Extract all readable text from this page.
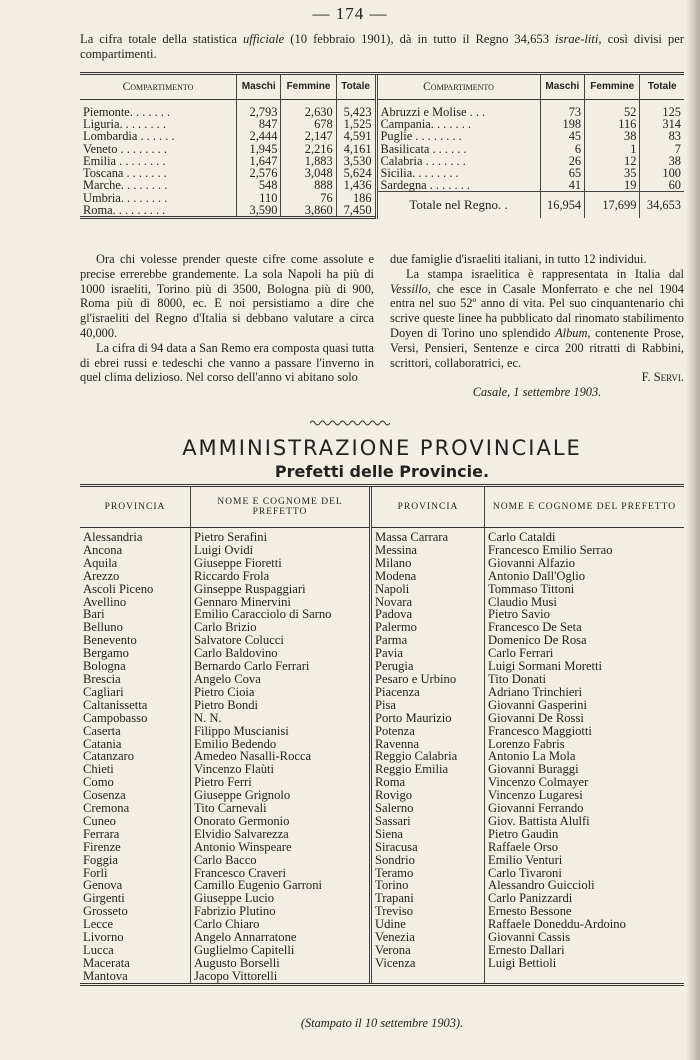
— 174 —
La cifra totale della statistica ufficiale (10 febbraio 1901), dà in tutto il Regno 34,653 israe-liti, così divisi per compartimenti.
Compartimento	Maschi	Femmine	Totale	Compartimento	Maschi	Femmine	Totale
Piemonte. . . . . . .	2,793	2,630	5,423	Abruzzi e Molise . . .	73	52	125
Liguria. . . . . . . .	847	678	1,525	Campania. . . . . . .	198	116	314
Lombardia . . . . . .	2,444	2,147	4,591	Puglie . . . . . . . .	45	38	83
Veneto . . . . . . . .	1,945	2,216	4,161	Basilicata . . . . . .	6	1	7
Emilia . . . . . . . .	1,647	1,883	3,530	Calabria . . . . . . .	26	12	38
Toscana . . . . . . .	2,576	3,048	5,624	Sicilia. . . . . . . .	65	35	100
Marche. . . . . . . .	548	888	1,436	Sardegna . . . . . . .	41	19	60
Umbria. . . . . . . .	110	76	186	Totale nel Regno. .	16,954	17,699	34,653
Roma. . . . . . . . .	3,590	3,860	7,450				

Ora chi volesse prender queste cifre come assolute e precise errerebbe grandemente. La sola Napoli ha più di 1000 israeliti, Torino più di 3500, Bologna più di 900, Roma più di 8000, ec. E noi persistiamo a dire che gl'israeliti del Regno d'Italia si debbano valutare a circa 40,000.

La cifra di 94 data a San Remo era composta quasi tutta di ebrei russi e tedeschi che vanno a passare l'inverno in quel clima delizioso. Nel corso dell'anno vi abitano solo

due famiglie d'israeliti italiani, in tutto 12 individui.

La stampa israelitica è rappresentata in Italia dal Vessillo, che esce in Casale Monferrato e che nel 1904 entra nel suo 52º anno di vita. Pel suo cinquantenario chi scrive queste linee ha pubblicato dal rinomato stabilimento Doyen di Torino uno splendido Album, contenente Prose, Versi, Pensieri, Sentenze e circa 200 ritratti di Rabbini, scrittori, collaboratrici, ec.

F. Servi.
Casale, 1 settembre 1903.
AMMINISTRAZIONE PROVINCIALE
Prefetti delle Provincie.
PROVINCIA	NOME E COGNOME DEL PREFETTO	PROVINCIA	NOME E COGNOME DEL PREFETTO
Alessandria	Pietro Serafini	Massa Carrara	Carlo Cataldi
Ancona	Luigi Ovidi	Messina	Francesco Emilio Serrao
Aquila	Giuseppe Fioretti	Milano	Giovanni Alfazio
Arezzo	Riccardo Frola	Modena	Antonio Dall'Oglio
Ascoli Piceno	Ginseppe Ruspaggiari	Napoli	Tommaso Tittoni
Avellino	Gennaro Minervini	Novara	Claudio Musi
Bari	Emilio Caracciolo di Sarno	Padova	Pietro Savio
Belluno	Carlo Brizio	Palermo	Francesco De Seta
Benevento	Salvatore Colucci	Parma	Domenico De Rosa
Bergamo	Carlo Baldovino	Pavia	Carlo Ferrari
Bologna	Bernardo Carlo Ferrari	Perugia	Luigi Sormani Moretti
Brescia	Angelo Cova	Pesaro e Urbino	Tito Donati
Cagliari	Pietro Cioia	Piacenza	Adriano Trinchieri
Caltanissetta	Pietro Bondi	Pisa	Giovanni Gasperini
Campobasso	N. N.	Porto Maurizio	Giovanni De Rossi
Caserta	Filippo Muscianisi	Potenza	Francesco Maggiotti
Catania	Emilio Bedendo	Ravenna	Lorenzo Fabris
Catanzaro	Amedeo Nasalli-Rocca	Reggio Calabria	Antonio La Mola
Chieti	Vincenzo Flaùti	Reggio Emilia	Giovanni Buraggi
Como	Pietro Ferri	Roma	Vincenzo Colmayer
Cosenza	Giuseppe Grignolo	Rovigo	Vincenzo Lugaresi
Cremona	Tito Carnevali	Salerno	Giovanni Ferrando
Cuneo	Onorato Germonio	Sassari	Giov. Battista Alulfi
Ferrara	Elvidio Salvarezza	Siena	Pietro Gaudin
Firenze	Antonio Winspeare	Siracusa	Raffaele Orso
Foggia	Carlo Bacco	Sondrio	Emilio Venturi
Forlì	Francesco Craveri	Teramo	Carlo Tivaroni
Genova	Camillo Eugenio Garroni	Torino	Alessandro Guiccioli
Girgenti	Giuseppe Lucio	Trapani	Carlo Panizzardi
Grosseto	Fabrizio Plutino	Treviso	Ernesto Bessone
Lecce	Carlo Chiaro	Udine	Raffaele Doneddu-Ardoino
Livorno	Angelo Annarratone	Venezia	Giovanni Cassis
Lucca	Guglielmo Capitelli	Verona	Ernesto Dallari
Macerata	Augusto Borselli	Vicenza	Luigi Bettioli
Mantova	Jacopo Vittorelli		
(Stampato il 10 settembre 1903).
